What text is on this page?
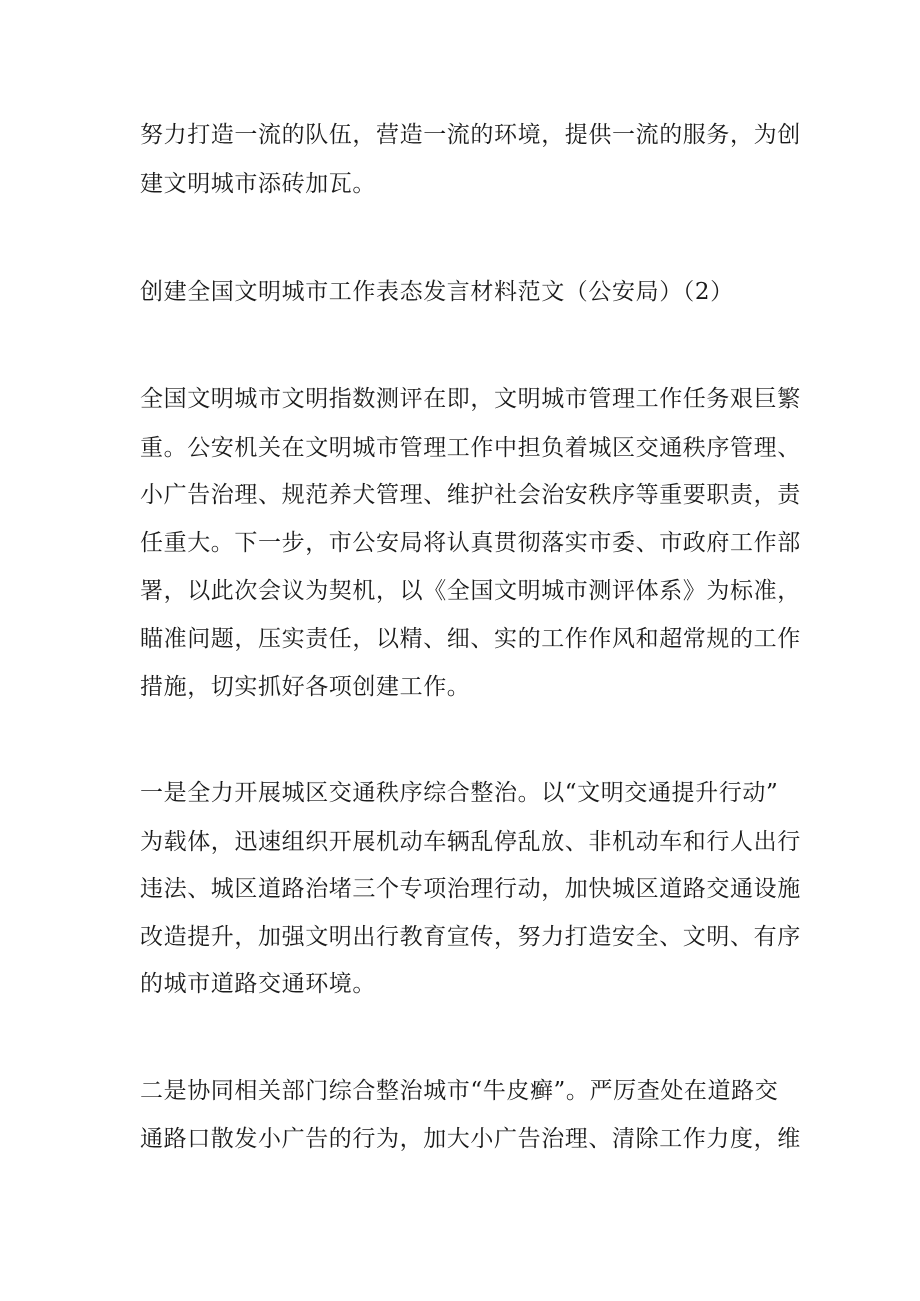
努力打造一流的队伍，营造一流的环境，提供一流的服务，为创
建文明城市添砖加瓦。
创建全国文明城市工作表态发言材料范文（公安局）（2）
全国文明城市文明指数测评在即，文明城市管理工作任务艰巨繁
重。公安机关在文明城市管理工作中担负着城区交通秩序管理、
小广告治理、规范养犬管理、维护社会治安秩序等重要职责，责
任重大。下一步，市公安局将认真贯彻落实市委、市政府工作部
署，以此次会议为契机，以《全国文明城市测评体系》为标准，
瞄准问题，压实责任，以精、细、实的工作作风和超常规的工作
措施，切实抓好各项创建工作。
一是全力开展城区交通秩序综合整治。以“文明交通提升行动”
为载体，迅速组织开展机动车辆乱停乱放、非机动车和行人出行
违法、城区道路治堵三个专项治理行动，加快城区道路交通设施
改造提升，加强文明出行教育宣传，努力打造安全、文明、有序
的城市道路交通环境。
二是协同相关部门综合整治城市“牛皮癣”。严厉查处在道路交
通路口散发小广告的行为，加大小广告治理、清除工作力度，维
